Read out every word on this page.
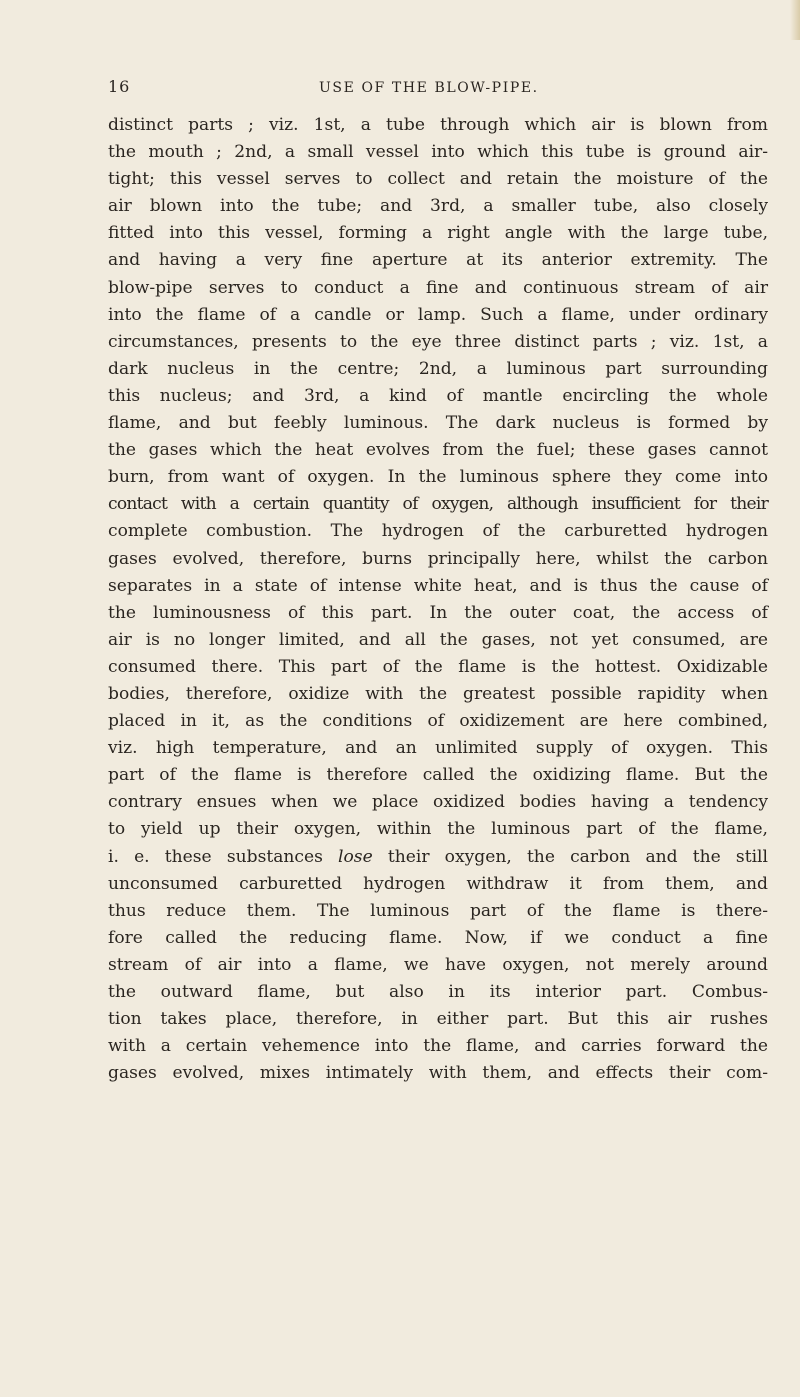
16	USE OF THE BLOW-PIPE.
distinct parts ; viz. 1st, a tube through which air is blown from
the mouth ; 2nd, a small vessel into which this tube is ground air-
tight; this vessel serves to collect and retain the moisture of the
air blown into the tube; and 3rd, a smaller tube, also closely
fitted into this vessel, forming a right angle with the large tube,
and having a very fine aperture at its anterior extremity. The
blow-pipe serves to conduct a fine and continuous stream of air
into the flame of a candle or lamp. Such a flame, under ordinary
circumstances, presents to the eye three distinct parts ; viz. 1st, a
dark nucleus in the centre; 2nd, a luminous part surrounding
this nucleus; and 3rd, a kind of mantle encircling the whole
flame, and but feebly luminous. The dark nucleus is formed by
the gases which the heat evolves from the fuel; these gases cannot
burn, from want of oxygen. In the luminous sphere they come into
contact with a certain quantity of oxygen, although insufficient for their
complete combustion. The hydrogen of the carburetted hydrogen
gases evolved, therefore, burns principally here, whilst the carbon
separates in a state of intense white heat, and is thus the cause of
the luminousness of this part. In the outer coat, the access of
air is no longer limited, and all the gases, not yet consumed, are
consumed there. This part of the flame is the hottest. Oxidizable
bodies, therefore, oxidize with the greatest possible rapidity when
placed in it, as the conditions of oxidizement are here combined,
viz. high temperature, and an unlimited supply of oxygen. This
part of the flame is therefore called the oxidizing flame. But the
contrary ensues when we place oxidized bodies having a tendency
to yield up their oxygen, within the luminous part of the flame,
i. e. these substances lose their oxygen, the carbon and the still
unconsumed carburetted hydrogen withdraw it from them, and
thus reduce them. The luminous part of the flame is there-
fore called the reducing flame. Now, if we conduct a fine
stream of air into a flame, we have oxygen, not merely around
the outward flame, but also in its interior part. Combus-
tion takes place, therefore, in either part. But this air rushes
with a certain vehemence into the flame, and carries forward the
gases evolved, mixes intimately with them, and effects their com-
